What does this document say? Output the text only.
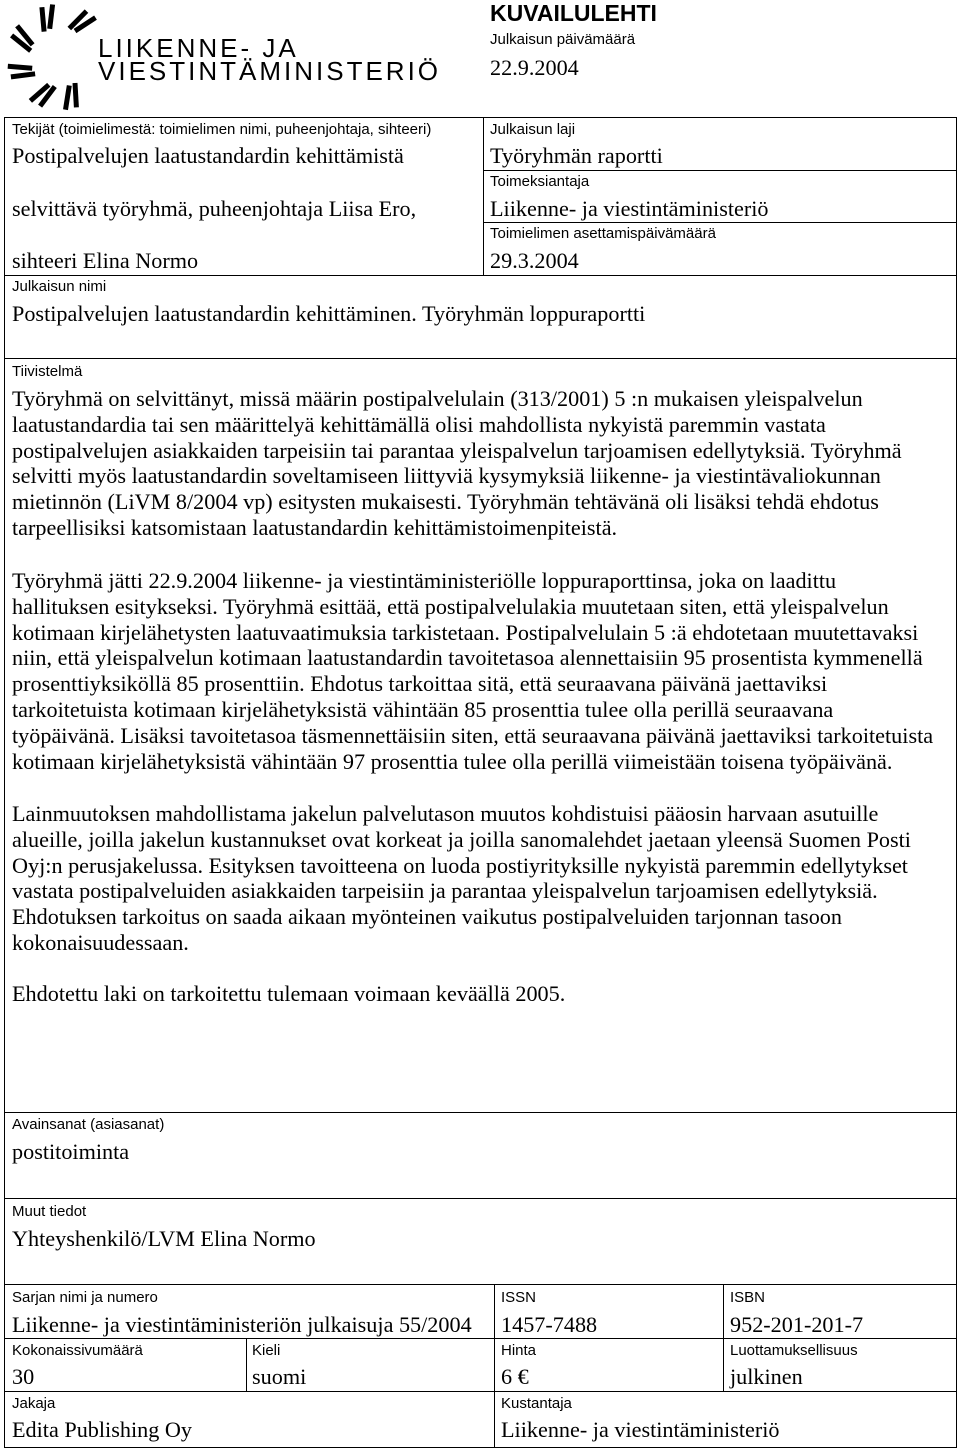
LIIKENNE- JA
VIESTINTÄMINISTERIÖ
KUVAILULEHTI
Julkaisun päivämäärä
22.9.2004
Tekijät (toimielimestä: toimielimen nimi, puheenjohtaja, sihteeri)
Postipalvelujen laatustandardin kehittämistä
selvittävä työryhmä, puheenjohtaja Liisa Ero,
sihteeri Elina Normo
Julkaisun laji
Työryhmän raportti
Toimeksiantaja
Liikenne- ja viestintäministeriö
Toimielimen asettamispäivämäärä
29.3.2004
Julkaisun nimi
Postipalvelujen laatustandardin kehittäminen. Työryhmän loppuraportti
Tiivistelmä
Työryhmä on selvittänyt, missä määrin postipalvelulain (313/2001) 5 :n mukaisen yleispalvelun
laatustandardia tai sen määrittelyä kehittämällä olisi mahdollista nykyistä paremmin vastata
postipalvelujen asiakkaiden tarpeisiin tai parantaa yleispalvelun tarjoamisen edellytyksiä. Työryhmä
selvitti myös laatustandardin soveltamiseen liittyviä kysymyksiä liikenne- ja viestintävaliokunnan
mietinnön (LiVM 8/2004 vp) esitysten mukaisesti. Työryhmän tehtävänä oli lisäksi tehdä ehdotus
tarpeellisiksi katsomistaan laatustandardin kehittämistoimenpiteistä.
Työryhmä jätti 22.9.2004 liikenne- ja viestintäministeriölle loppuraporttinsa, joka on laadittu
hallituksen esitykseksi. Työryhmä esittää, että postipalvelulakia muutetaan siten, että yleispalvelun
kotimaan kirjelähetysten laatuvaatimuksia tarkistetaan. Postipalvelulain 5 :ä ehdotetaan muutettavaksi
niin, että yleispalvelun kotimaan laatustandardin tavoitetasoa alennettaisiin 95 prosentista kymmenellä
prosenttiyksiköllä 85 prosenttiin. Ehdotus tarkoittaa sitä, että seuraavana päivänä jaettaviksi
tarkoitetuista kotimaan kirjelähetyksistä vähintään 85 prosenttia tulee olla perillä seuraavana
työpäivänä. Lisäksi tavoitetasoa täsmennettäisiin siten, että seuraavana päivänä jaettaviksi tarkoitetuista
kotimaan kirjelähetyksistä vähintään 97 prosenttia tulee olla perillä viimeistään toisena työpäivänä.
Lainmuutoksen mahdollistama jakelun palvelutason muutos kohdistuisi pääosin harvaan asutuille
alueille, joilla jakelun kustannukset ovat korkeat ja joilla sanomalehdet jaetaan yleensä Suomen Posti
Oyj:n perusjakelussa. Esityksen tavoitteena on luoda postiyrityksille nykyistä paremmin edellytykset
vastata postipalveluiden asiakkaiden tarpeisiin ja parantaa yleispalvelun tarjoamisen edellytyksiä.
Ehdotuksen tarkoitus on saada aikaan myönteinen vaikutus postipalveluiden tarjonnan tasoon
kokonaisuudessaan.
Ehdotettu laki on tarkoitettu tulemaan voimaan keväällä 2005.
Avainsanat (asiasanat)
postitoiminta
Muut tiedot
Yhteyshenkilö/LVM Elina Normo
Sarjan nimi ja numero
Liikenne- ja viestintäministeriön julkaisuja 55/2004
ISSN
1457-7488
ISBN
952-201-201-7
Kokonaissivumäärä
30
Kieli
suomi
Hinta
6 €
Luottamuksellisuus
julkinen
Jakaja
Edita Publishing Oy
Kustantaja
Liikenne- ja viestintäministeriö
